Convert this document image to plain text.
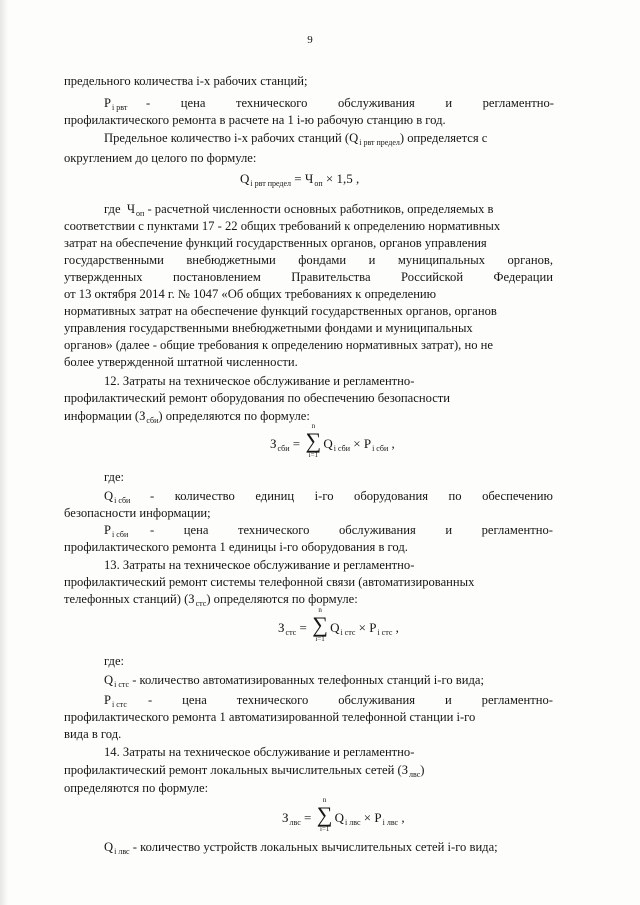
9
предельного количества i-х рабочих станций;
$P_{i рвт}$ - цена технического обслуживания и регламентно-
профилактического ремонта в расчете на 1 i-ю рабочую станцию в год.
Предельное количество i-х рабочих станций $(Q_{i рвт предел})$ определяется с
округлением до целого по формуле:
$Q_{i рвт предел} = Ч_{оп} \times 1,5$ ,
где $Ч_{оп}$ - расчетной численности основных работников, определяемых в
соответствии с пунктами 17 - 22 общих требований к определению нормативных
затрат на обеспечение функций государственных органов, органов управления
государственными внебюджетными фондами и муниципальных органов,
утвержденных постановлением Правительства Российской Федерации
от 13 октября 2014 г. № 1047 «Об общих требованиях к определению
нормативных затрат на обеспечение функций государственных органов, органов
управления государственными внебюджетными фондами и муниципальных
органов» (далее - общие требования к определению нормативных затрат), но не
более утвержденной штатной численности.
12. Затраты на техническое обслуживание и регламентно-
профилактический ремонт оборудования по обеспечению безопасности
информации $(З_{сби})$ определяются по формуле:
$З_{сби}$ =
n
∑
i=1
$Q_{i сби} \times P_{i сби}$ ,
где:
$Q_{i сби}$ - количество единиц i-го оборудования по обеспечению
безопасности информации;
$P_{i сби}$ - цена технического обслуживания и регламентно-
профилактического ремонта 1 единицы i-го оборудования в год.
13. Затраты на техническое обслуживание и регламентно-
профилактический ремонт системы телефонной связи (автоматизированных
телефонных станций) $(З_{стс})$ определяются по формуле:
$З_{стс}$ =
n
∑
i=1
$Q_{i стс} \times P_{i стс}$ ,
где:
$Q_{i стс}$ - количество автоматизированных телефонных станций i-го вида;
$P_{i стс}$ - цена технического обслуживания и регламентно-
профилактического ремонта 1 автоматизированной телефонной станции i-го
вида в год.
14. Затраты на техническое обслуживание и регламентно-
профилактический ремонт локальных вычислительных сетей $(З_{лвс})$
определяются по формуле:
$З_{лвс}$ =
n
∑
i=1
$Q_{i лвс} \times P_{i лвс}$ ,
$Q_{i лвс}$ - количество устройств локальных вычислительных сетей i-го вида;
